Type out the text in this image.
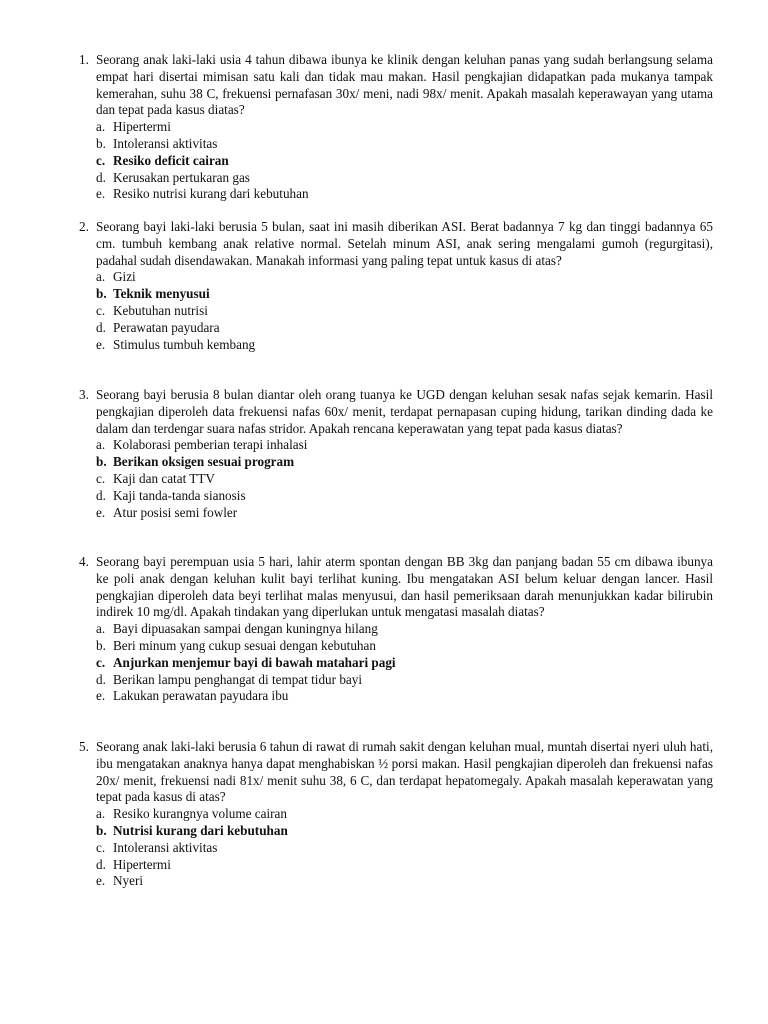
1. Seorang anak laki-laki usia 4 tahun dibawa ibunya ke klinik dengan keluhan panas yang sudah berlangsung selama empat hari disertai mimisan satu kali dan tidak mau makan. Hasil pengkajian didapatkan pada mukanya tampak kemerahan, suhu 38 C, frekuensi pernafasan 30x/ meni, nadi 98x/ menit. Apakah masalah keperawayan yang utama dan tepat pada kasus diatas?
a. Hipertermi
b. Intoleransi aktivitas
c. Resiko deficit cairan
d. Kerusakan pertukaran gas
e. Resiko nutrisi kurang dari kebutuhan
2. Seorang bayi laki-laki berusia 5 bulan, saat ini masih diberikan ASI. Berat badannya 7 kg dan tinggi badannya 65 cm. tumbuh kembang anak relative normal. Setelah minum ASI, anak sering mengalami gumoh (regurgitasi), padahal sudah disendawakan. Manakah informasi yang paling tepat untuk kasus di atas?
a. Gizi
b. Teknik menyusui
c. Kebutuhan nutrisi
d. Perawatan payudara
e. Stimulus tumbuh kembang
3. Seorang bayi berusia 8 bulan diantar oleh orang tuanya ke UGD dengan keluhan sesak nafas sejak kemarin. Hasil pengkajian diperoleh data frekuensi nafas 60x/ menit, terdapat pernapasan cuping hidung, tarikan dinding dada ke dalam dan terdengar suara nafas stridor. Apakah rencana keperawatan yang tepat pada kasus diatas?
a. Kolaborasi pemberian terapi inhalasi
b. Berikan oksigen sesuai program
c. Kaji dan catat TTV
d. Kaji tanda-tanda sianosis
e. Atur posisi semi fowler
4. Seorang bayi perempuan usia 5 hari, lahir aterm spontan dengan BB 3kg dan panjang badan 55 cm dibawa ibunya ke poli anak dengan keluhan kulit bayi terlihat kuning. Ibu mengatakan ASI belum keluar dengan lancer. Hasil pengkajian diperoleh data beyi terlihat malas menyusui, dan hasil pemeriksaan darah menunjukkan kadar bilirubin indirek 10 mg/dl. Apakah tindakan yang diperlukan untuk mengatasi masalah diatas?
a. Bayi dipuasakan sampai dengan kuningnya hilang
b. Beri minum yang cukup sesuai dengan kebutuhan
c. Anjurkan menjemur bayi di bawah matahari pagi
d. Berikan lampu penghangat di tempat tidur bayi
e. Lakukan perawatan payudara ibu
5. Seorang anak laki-laki berusia 6 tahun di rawat di rumah sakit dengan keluhan mual, muntah disertai nyeri uluh hati, ibu mengatakan anaknya hanya dapat menghabiskan ½ porsi makan. Hasil pengkajian diperoleh dan frekuensi nafas 20x/ menit, frekuensi nadi 81x/ menit suhu 38, 6 C, dan terdapat hepatomegaly. Apakah masalah keperawatan yang tepat pada kasus di atas?
a. Resiko kurangnya volume cairan
b. Nutrisi kurang dari kebutuhan
c. Intoleransi aktivitas
d. Hipertermi
e. Nyeri
